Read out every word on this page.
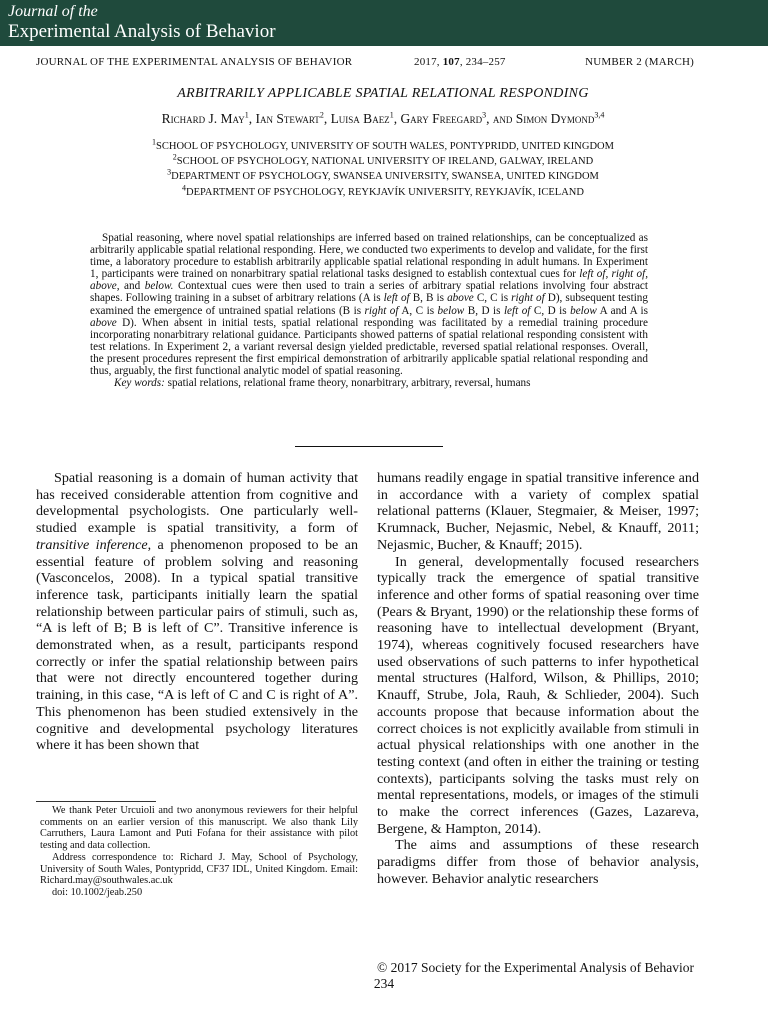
Journal of the
Experimental Analysis of Behavior
JOURNAL OF THE EXPERIMENTAL ANALYSIS OF BEHAVIOR	2017, 107, 234–257	NUMBER 2 (MARCH)
ARBITRARILY APPLICABLE SPATIAL RELATIONAL RESPONDING
Richard J. May$^1$, Ian Stewart$^2$, Luisa Baez$^1$, Gary Freegard$^3$, and Simon Dymond$^{3,4}$
$^1$SCHOOL OF PSYCHOLOGY, UNIVERSITY OF SOUTH WALES, PONTYPRIDD, UNITED KINGDOM
$^2$SCHOOL OF PSYCHOLOGY, NATIONAL UNIVERSITY OF IRELAND, GALWAY, IRELAND
$^3$DEPARTMENT OF PSYCHOLOGY, SWANSEA UNIVERSITY, SWANSEA, UNITED KINGDOM
$^4$DEPARTMENT OF PSYCHOLOGY, REYKJAVÍK UNIVERSITY, REYKJAVÍK, ICELAND

Spatial reasoning, where novel spatial relationships are inferred based on trained relationships, can be conceptualized as arbitrarily applicable spatial relational responding. Here, we conducted two experiments to develop and validate, for the first time, a laboratory procedure to establish arbitrarily applicable spatial relational responding in adult humans. In Experiment 1, participants were trained on nonarbitrary spatial relational tasks designed to establish contextual cues for left of, right of, above, and below. Contextual cues were then used to train a series of arbitrary spatial relations involving four abstract shapes. Following training in a subset of arbitrary relations (A is left of B, B is above C, C is right of D), subsequent testing examined the emergence of untrained spatial relations (B is right of A, C is below B, D is left of C, D is below A and A is above D). When absent in initial tests, spatial relational responding was facilitated by a remedial training procedure incorporating nonarbitrary relational guidance. Participants showed patterns of spatial relational responding consistent with test relations. In Experiment 2, a variant reversal design yielded predictable, reversed spatial relational responses. Overall, the present procedures represent the first empirical demonstration of arbitrarily applicable spatial relational responding and thus, arguably, the first functional analytic model of spatial reasoning.

Key words: spatial relations, relational frame theory, nonarbitrary, arbitrary, reversal, humans

Spatial reasoning is a domain of human activity that has received considerable attention from cognitive and developmental psychologists. One particularly well-studied example is spatial transitivity, a form of transitive inference, a phenomenon proposed to be an essential feature of problem solving and reasoning (Vasconcelos, 2008). In a typical spatial transitive inference task, participants initially learn the spatial relationship between particular pairs of stimuli, such as, “A is left of B; B is left of C”. Transitive inference is demonstrated when, as a result, participants respond correctly or infer the spatial relationship between pairs that were not directly encountered together during training, in this case, “A is left of C and C is right of A”. This phenomenon has been studied extensively in the cognitive and developmental psychology literatures where it has been shown that

humans readily engage in spatial transitive inference and in accordance with a variety of complex spatial relational patterns (Klauer, Stegmaier, & Meiser, 1997; Krumnack, Bucher, Nejasmic, Nebel, & Knauff, 2011; Nejasmic, Bucher, & Knauff; 2015).

In general, developmentally focused researchers typically track the emergence of spatial transitive inference and other forms of spatial reasoning over time (Pears & Bryant, 1990) or the relationship these forms of reasoning have to intellectual development (Bryant, 1974), whereas cognitively focused researchers have used observations of such patterns to infer hypothetical mental structures (Halford, Wilson, & Phillips, 2010; Knauff, Strube, Jola, Rauh, & Schlieder, 2004). Such accounts propose that because information about the correct choices is not explicitly available from stimuli in actual physical relationships with one another in the testing context (and often in either the training or testing contexts), participants solving the tasks must rely on mental representations, models, or images of the stimuli to make the correct inferences (Gazes, Lazareva, Bergene, & Hampton, 2014).

The aims and assumptions of these research paradigms differ from those of behavior analysis, however. Behavior analytic researchers

We thank Peter Urcuioli and two anonymous reviewers for their helpful comments on an earlier version of this manuscript. We also thank Lily Carruthers, Laura Lamont and Puti Fofana for their assistance with pilot testing and data collection.

Address correspondence to: Richard J. May, School of Psychology, University of South Wales, Pontypridd, CF37 IDL, United Kingdom. Email: Richard.may@southwales.ac.uk

doi: 10.1002/jeab.250

© 2017 Society for the Experimental Analysis of Behavior
234
